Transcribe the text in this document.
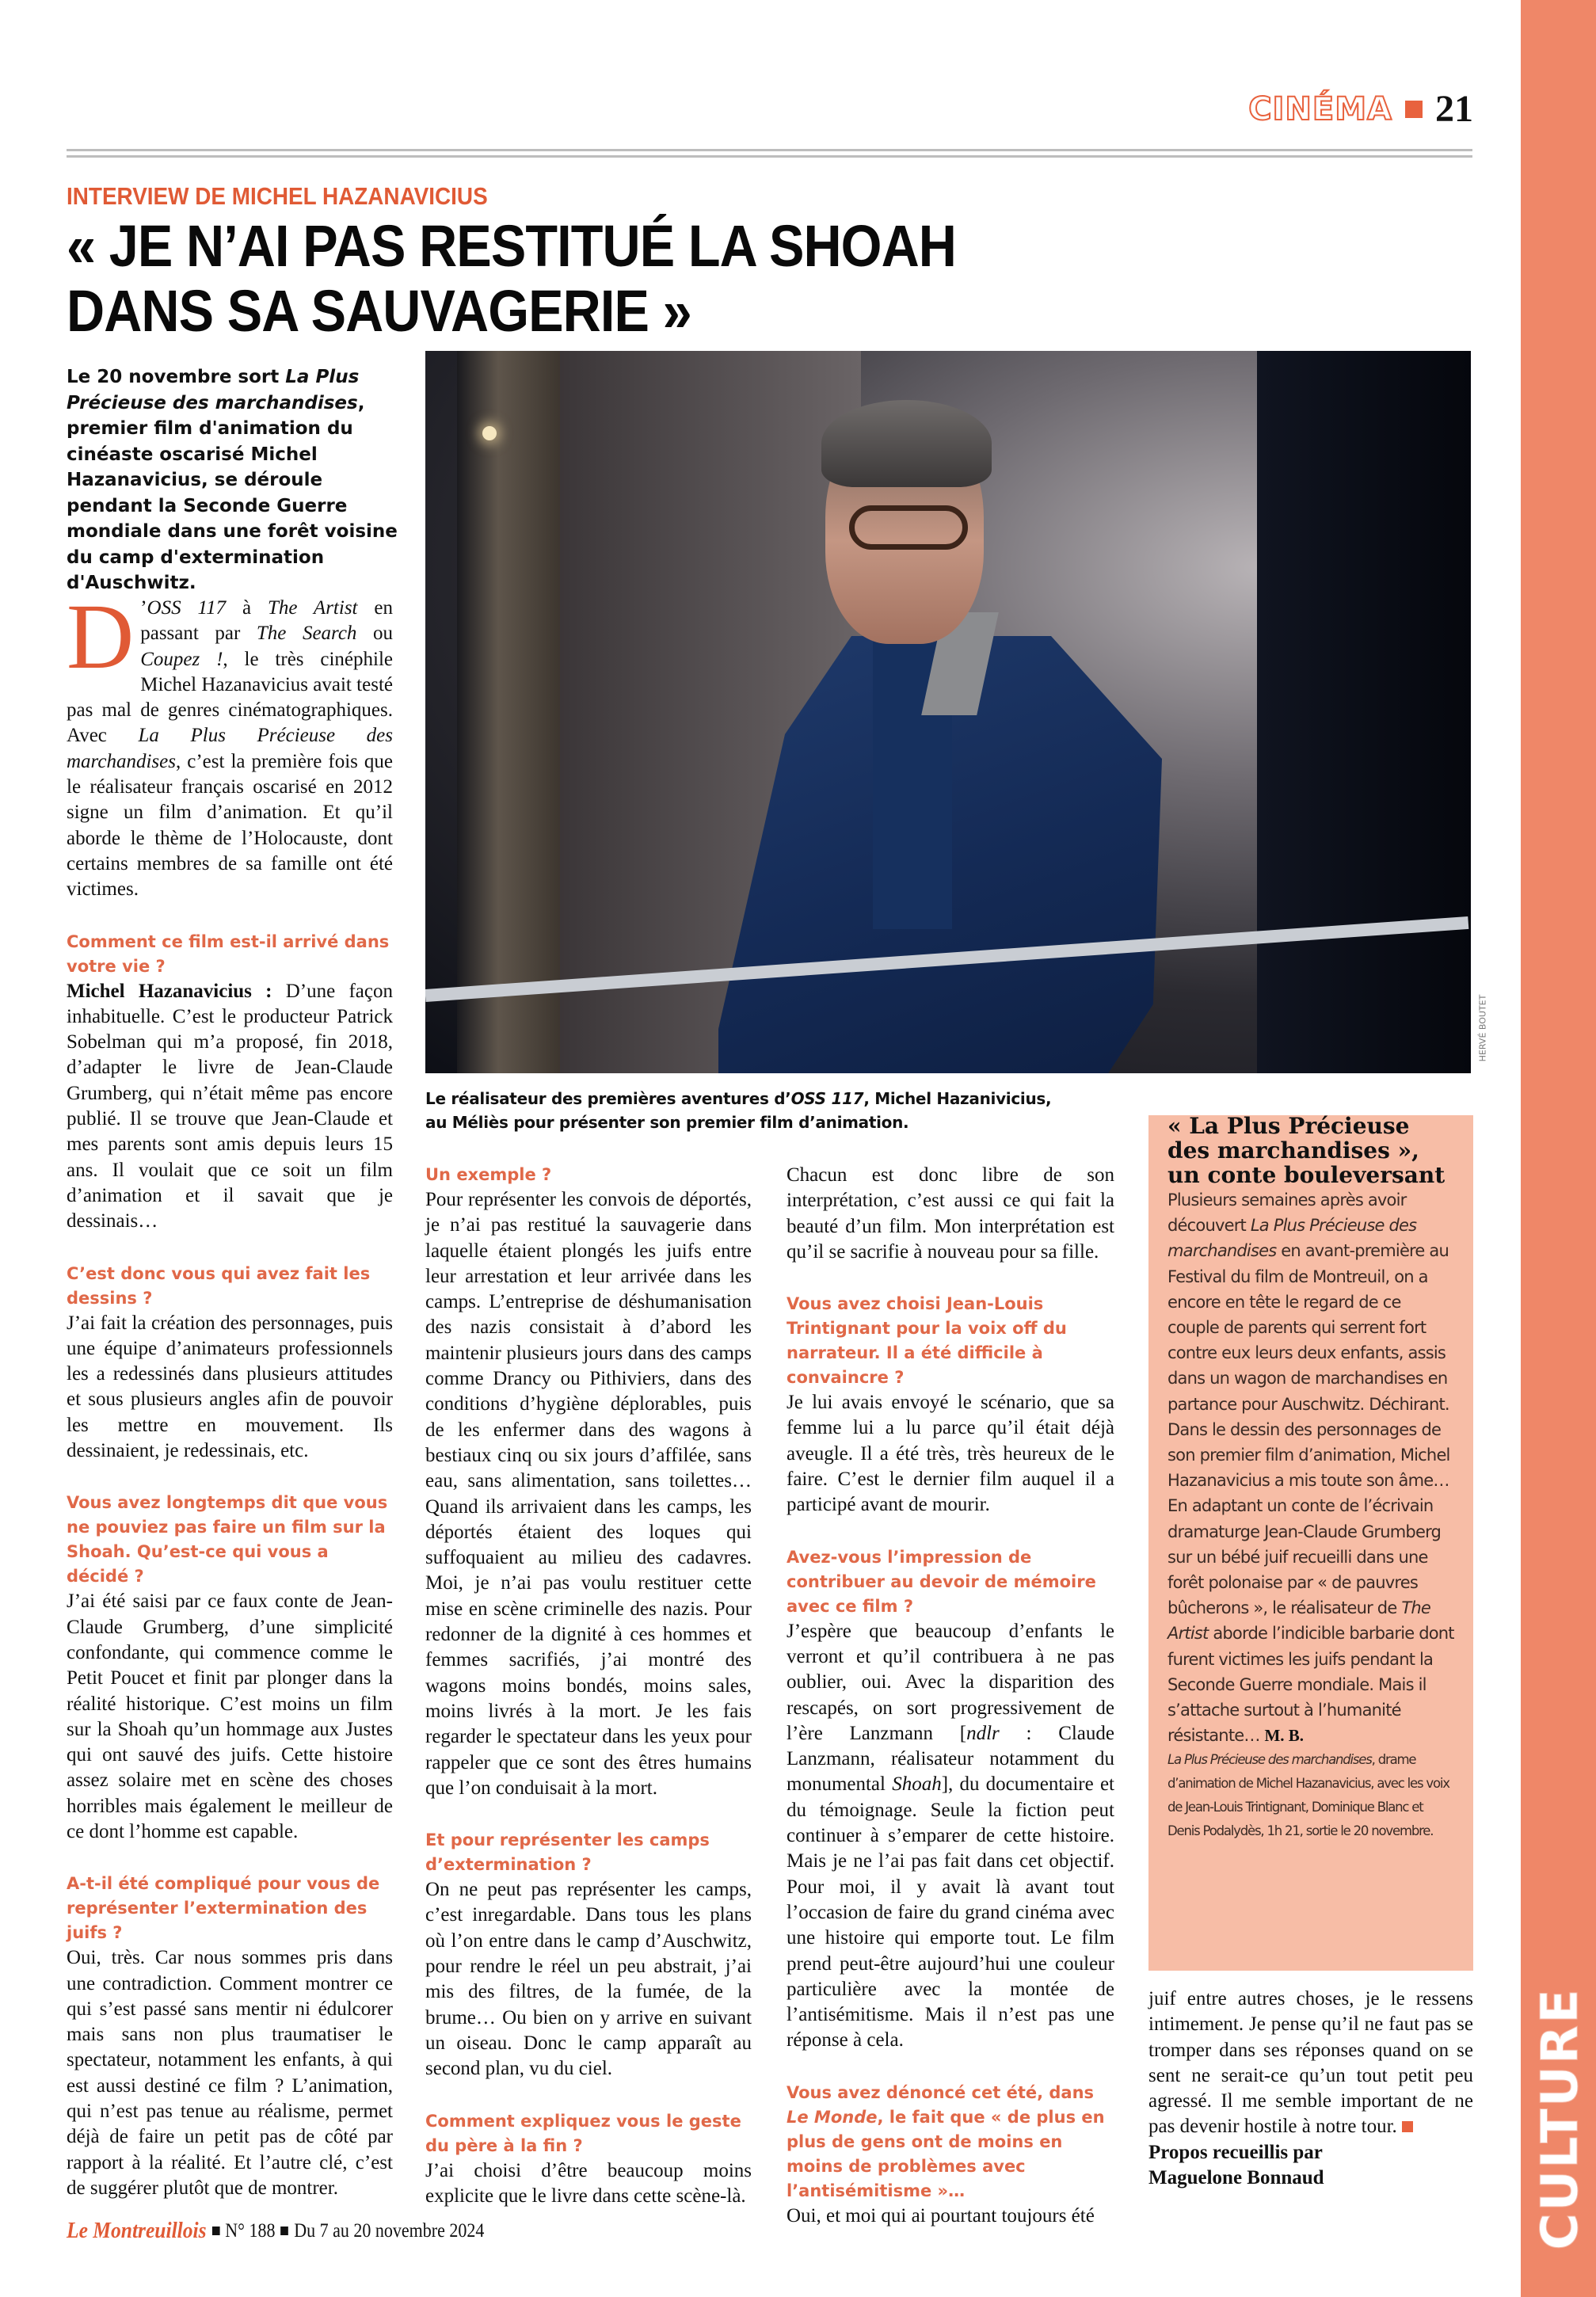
CULTURE
CINÉMA 21
INTERVIEW DE MICHEL HAZANAVICIUS
« JE N’AI PAS RESTITUÉ LA SHOAH
DANS SA SAUVAGERIE »
Le 20 novembre sort La Plus Précieuse des marchandises, premier film d'animation du cinéaste oscarisé Michel Hazanavicius, se déroule pendant la Seconde Guerre mondiale dans une forêt voisine du camp d'extermination d'Auschwitz.

D ’OSS 117 à The Artist en passant par The Search ou Coupez !, le très cinéphile Michel Hazanavicius avait testé pas mal de genres cinématographiques. Avec La Plus Précieuse des marchandises, c’est la première fois que le réalisateur français oscarisé en 2012 signe un film d’animation. Et qu’il aborde le thème de l’Holocauste, dont certains membres de sa famille ont été victimes.

Comment ce film est-il arrivé dans votre vie ?

Michel Hazanavicius : D’une façon inhabituelle. C’est le producteur Patrick Sobelman qui m’a proposé, fin 2018, d’adapter le livre de Jean-Claude Grumberg, qui n’était même pas encore publié. Il se trouve que Jean-Claude et mes parents sont amis depuis leurs 15 ans. Il voulait que ce soit un film d’animation et il savait que je dessinais…

C’est donc vous qui avez fait les dessins ?

J’ai fait la création des personnages, puis une équipe d’animateurs professionnels les a redessinés dans plusieurs attitudes et sous plusieurs angles afin de pouvoir les mettre en mouvement. Ils dessinaient, je redessinais, etc.

Vous avez longtemps dit que vous ne pouviez pas faire un film sur la Shoah. Qu’est-ce qui vous a décidé ?

J’ai été saisi par ce faux conte de Jean-Claude Grumberg, d’une simplicité confondante, qui commence comme le Petit Poucet et finit par plonger dans la réalité historique. C’est moins un film sur la Shoah qu’un hommage aux Justes qui ont sauvé des juifs. Cette histoire assez solaire met en scène des choses horribles mais également le meilleur de ce dont l’homme est capable.

A-t-il été compliqué pour vous de représenter l’extermination des juifs ?

Oui, très. Car nous sommes pris dans une contradiction. Comment montrer ce qui s’est passé sans mentir ni édulcorer mais sans non plus traumatiser le spectateur, notamment les enfants, à qui est aussi destiné ce film ? L’animation, qui n’est pas tenue au réalisme, permet déjà de faire un petit pas de côté par rapport à la réalité. Et l’autre clé, c’est de suggérer plutôt que de montrer.

HERVÉ BOUTET
Le réalisateur des premières aventures d’OSS 117, Michel Hazanivicius,
au Méliès pour présenter son premier film d’animation.

Un exemple ?

Pour représenter les convois de déportés, je n’ai pas restitué la sauvagerie dans laquelle étaient plongés les juifs entre leur arrestation et leur arrivée dans les camps. L’entreprise de déshumanisation des nazis consistait à d’abord les maintenir plusieurs jours dans des camps comme Drancy ou Pithiviers, dans des conditions d’hygiène déplorables, puis de les enfermer dans des wagons à bestiaux cinq ou six jours d’affilée, sans eau, sans alimentation, sans toilettes… Quand ils arrivaient dans les camps, les déportés étaient des loques qui suffoquaient au milieu des cadavres. Moi, je n’ai pas voulu restituer cette mise en scène criminelle des nazis. Pour redonner de la dignité à ces hommes et femmes sacrifiés, j’ai montré des wagons moins bondés, moins sales, moins livrés à la mort. Je les fais regarder le spectateur dans les yeux pour rappeler que ce sont des êtres humains que l’on conduisait à la mort.

Et pour représenter les camps d’extermination ?

On ne peut pas représenter les camps, c’est inregardable. Dans tous les plans où l’on entre dans le camp d’Auschwitz, pour rendre le réel un peu abstrait, j’ai mis des filtres, de la fumée, de la brume… Ou bien on y arrive en suivant un oiseau. Donc le camp apparaît au second plan, vu du ciel.

Comment expliquez vous le geste du père à la fin ?

J’ai choisi d’être beaucoup moins explicite que le livre dans cette scène-là.

Chacun est donc libre de son interprétation, c’est aussi ce qui fait la beauté d’un film. Mon interprétation est qu’il se sacrifie à nouveau pour sa fille.

Vous avez choisi Jean-Louis Trintignant pour la voix off du narrateur. Il a été difficile à convaincre ?

Je lui avais envoyé le scénario, que sa femme lui a lu parce qu’il était déjà aveugle. Il a été très, très heureux de le faire. C’est le dernier film auquel il a participé avant de mourir.

Avez-vous l’impression de contribuer au devoir de mémoire avec ce film ?

J’espère que beaucoup d’enfants le verront et qu’il contribuera à ne pas oublier, oui. Avec la disparition des rescapés, on sort progressivement de l’ère Lanzmann [ndlr : Claude Lanzmann, réalisateur notamment du monumental Shoah], du documentaire et du témoignage. Seule la fiction peut continuer à s’emparer de cette histoire. Mais je ne l’ai pas fait dans cet objectif. Pour moi, il y avait là avant tout l’occasion de faire du grand cinéma avec une histoire qui emporte tout. Le film prend peut-être aujourd’hui une couleur particulière avec la montée de l’antisémitisme. Mais il n’est pas une réponse à cela.

Vous avez dénoncé cet été, dans Le Monde, le fait que « de plus en plus de gens ont de moins en moins de problèmes avec l’antisémitisme »…

Oui, et moi qui ai pourtant toujours été

« La Plus Précieuse des marchandises », un conte bouleversant
Plusieurs semaines après avoir découvert La Plus Précieuse des marchandises en avant-première au Festival du film de Montreuil, on a encore en tête le regard de ce couple de parents qui serrent fort contre eux leurs deux enfants, assis dans un wagon de marchandises en partance pour Auschwitz. Déchirant. Dans le dessin des personnages de son premier film d’animation, Michel Hazanavicius a mis toute son âme…
En adaptant un conte de l’écrivain dramaturge Jean-Claude Grumberg sur un bébé juif recueilli dans une forêt polonaise par « de pauvres bûcherons », le réalisateur de The Artist aborde l’indicible barbarie dont furent victimes les juifs pendant la Seconde Guerre mondiale. Mais il s’attache surtout à l’humanité résistante… M. B.
La Plus Précieuse des marchandises, drame d’animation de Michel Hazanavicius, avec les voix de Jean-Louis Trintignant, Dominique Blanc et Denis Podalydès, 1h 21, sortie le 20 novembre.

juif entre autres choses, je le ressens intimement. Je pense qu’il ne faut pas se tromper dans ses réponses quand on se sent ne serait-ce qu’un tout petit peu agressé. Il me semble important de ne pas devenir hostile à notre tour.

Propos recueillis par
Maguelone Bonnaud

Le Montreuillois N° 188 Du 7 au 20 novembre 2024
